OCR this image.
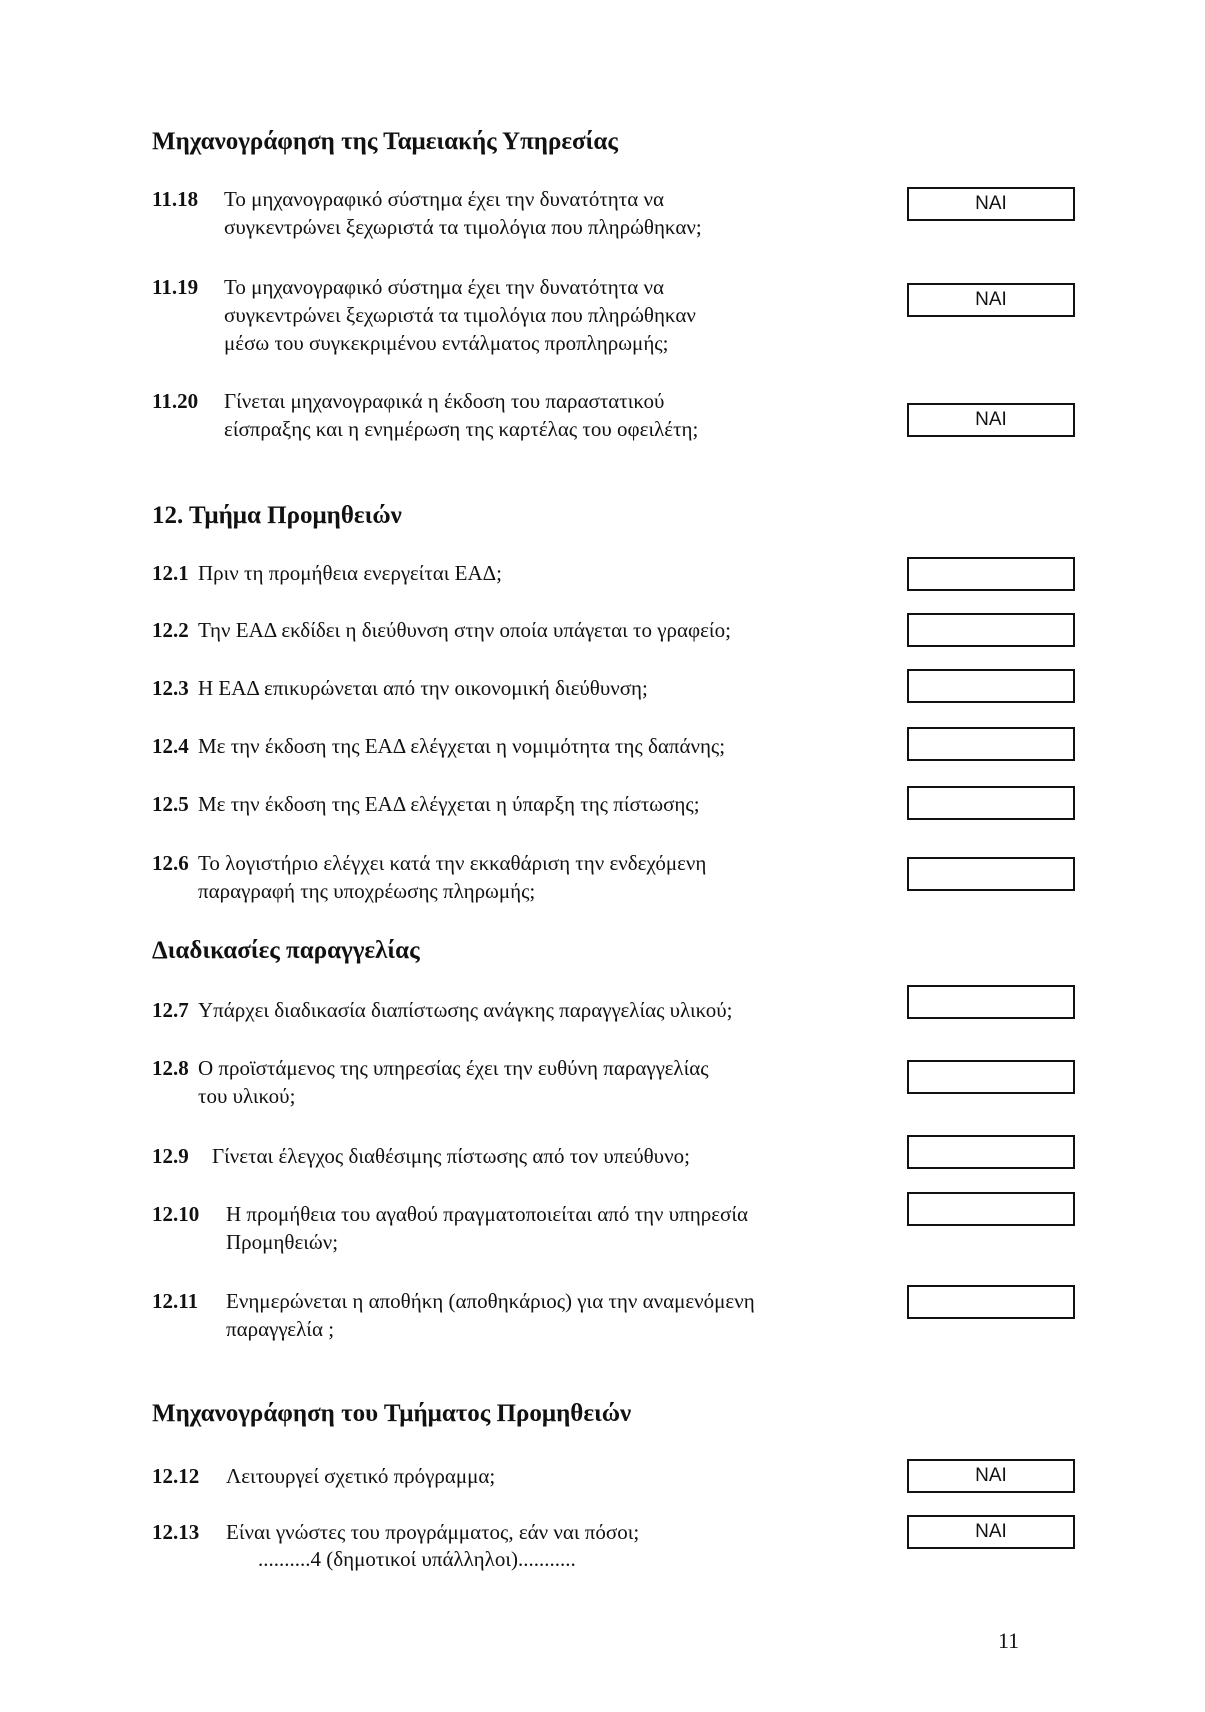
Μηχανογράφηση της Ταμειακής Υπηρεσίας
11.18 Το μηχανογραφικό σύστημα έχει την δυνατότητα να
συγκεντρώνει ξεχωριστά τα τιμολόγια που πληρώθηκαν;
ΝΑΙ
11.19 Το μηχανογραφικό σύστημα έχει την δυνατότητα να
συγκεντρώνει ξεχωριστά τα τιμολόγια που πληρώθηκαν
μέσω του συγκεκριμένου εντάλματος προπληρωμής;
ΝΑΙ
11.20 Γίνεται μηχανογραφικά η έκδοση του παραστατικού
είσπραξης και η ενημέρωση της καρτέλας του οφειλέτη;	ΝΑΙ
12. Τμήμα Προμηθειών
12.1 Πριν τη προμήθεια ενεργείται ΕΑΔ;
12.2 Την ΕΑΔ εκδίδει η διεύθυνση στην οποία υπάγεται το γραφείο;
12.3 Η ΕΑΔ επικυρώνεται από την οικονομική διεύθυνση;
12.4 Με την έκδοση της ΕΑΔ ελέγχεται η νομιμότητα της δαπάνης;
12.5 Με την έκδοση της ΕΑΔ ελέγχεται η ύπαρξη της πίστωσης;
12.6 Το λογιστήριο ελέγχει κατά την εκκαθάριση την ενδεχόμενη
παραγραφή της υποχρέωσης πληρωμής;
Διαδικασίες παραγγελίας
12.7 Υπάρχει διαδικασία διαπίστωσης ανάγκης παραγγελίας υλικού;
12.8 Ο προϊστάμενος της υπηρεσίας έχει την ευθύνη παραγγελίας
του υλικού;
12.9 Γίνεται έλεγχος διαθέσιμης πίστωσης από τον υπεύθυνο;
12.10 Η προμήθεια του αγαθού πραγματοποιείται από την υπηρεσία
Προμηθειών;
12.11 Ενημερώνεται η αποθήκη (αποθηκάριος) για την αναμενόμενη
παραγγελία ;
Μηχανογράφηση του Τμήματος Προμηθειών
12.12 Λειτουργεί σχετικό πρόγραμμα;	ΝΑΙ
12.13 Είναι γνώστες του προγράμματος, εάν ναι πόσοι;	ΝΑΙ
..........4 (δημοτικοί υπάλληλοι)...........
11
